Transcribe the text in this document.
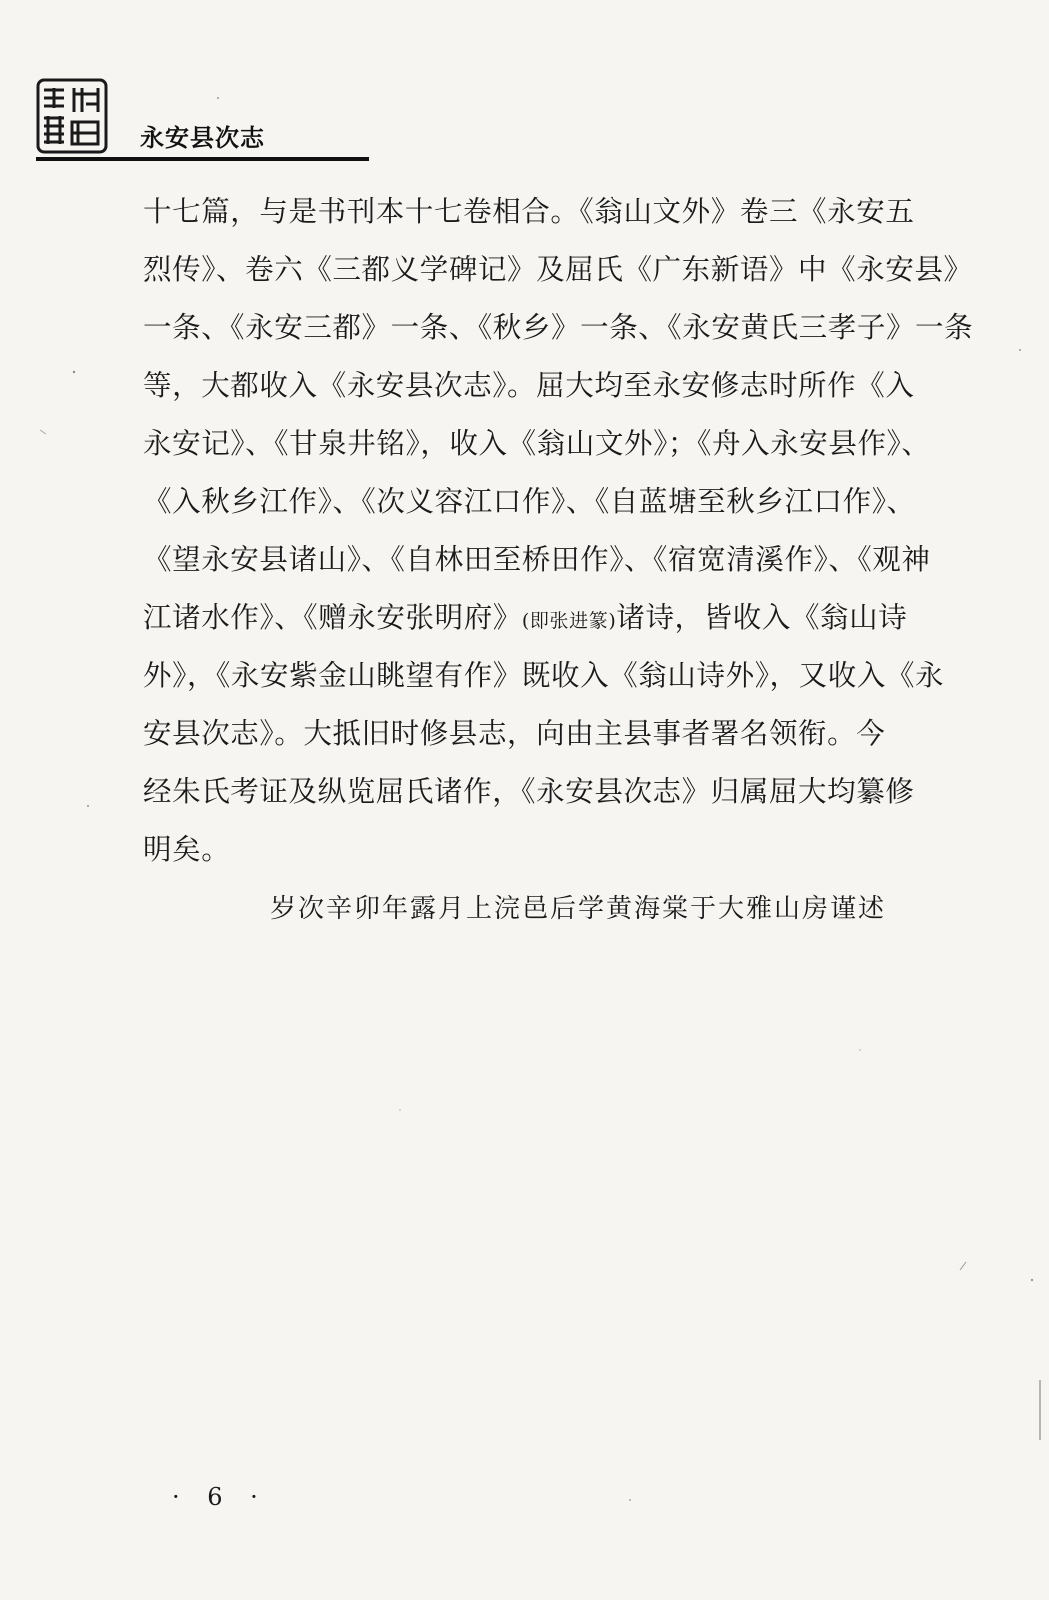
永安县次志
十七篇，与是书刊本十七卷相合。《翁山文外》卷三《永安五
烈传》、卷六《三都义学碑记》及屈氏《广东新语》中《永安县》
一条、《永安三都》一条、《秋乡》一条、《永安黄氏三孝子》一条
等，大都收入《永安县次志》。屈大均至永安修志时所作《入
永安记》、《甘泉井铭》，收入《翁山文外》；《舟入永安县作》、
《入秋乡江作》、《次义容江口作》、《自蓝塘至秋乡江口作》、
《望永安县诸山》、《自林田至桥田作》、《宿宽清溪作》、《观神
江诸水作》、《赠永安张明府》(即张进篆)诸诗，皆收入《翁山诗
外》，《永安紫金山眺望有作》既收入《翁山诗外》，又收入《永
安县次志》。大抵旧时修县志，向由主县事者署名领衔。今
经朱氏考证及纵览屈氏诸作，《永安县次志》归属屈大均纂修
明矣。
岁次辛卯年露月上浣邑后学黄海棠于大雅山房谨述
· 6 ·
